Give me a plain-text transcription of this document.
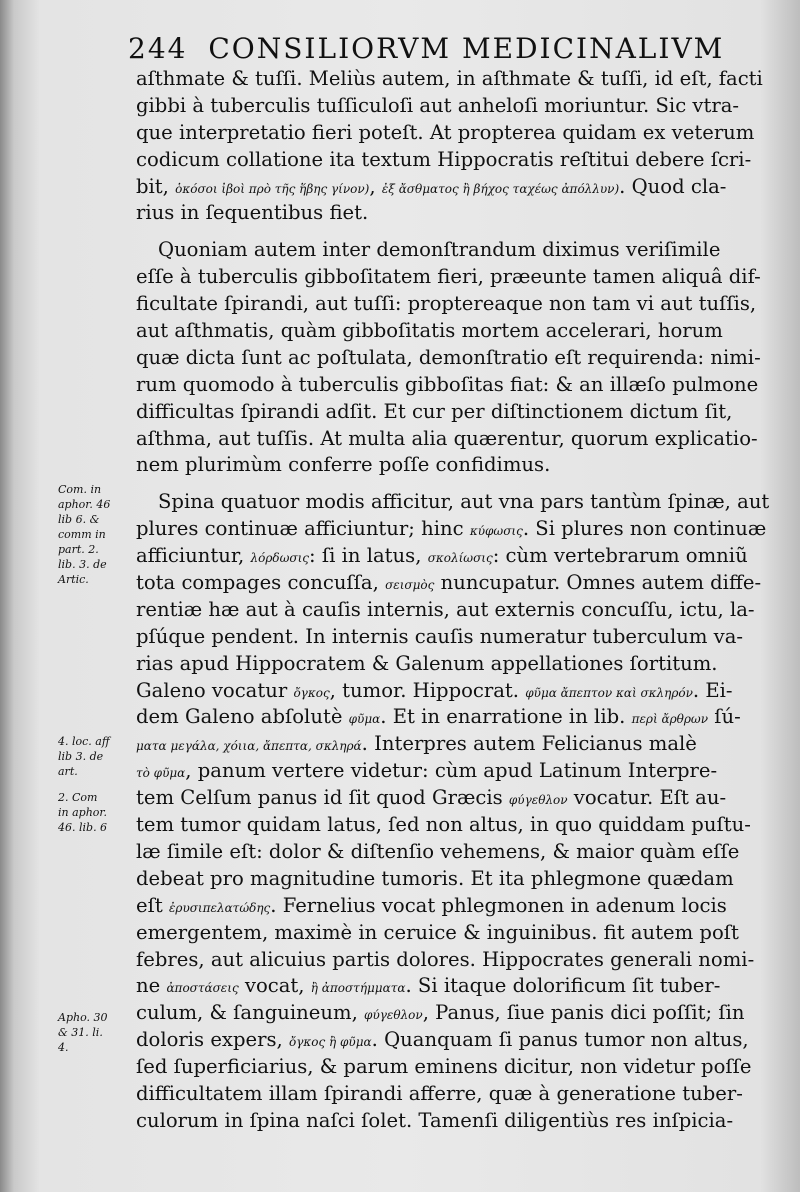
244 CONSILIORVM MEDICINALIVM
aſthmate & tuſſi. Meliùs autem, in aſthmate & tuſſi, id eſt, facti
gibbi à tuberculis tuſſiculoſi aut anheloſi moriuntur. Sic vtra-
que interpretatio fieri poteſt. At propterea quidam ex veterum
codicum collatione ita textum Hippocratis reſtitui debere ſcri-
bit, ὁκόσοι ἰβοὶ πρὸ τῆς ἥβης γίνον), ἐξ ἄσθματος ἢ βήχος ταχέως ἀπόλλυν). Quod cla-
rius in ſequentibus fiet.
Quoniam autem inter demonſtrandum diximus veriſimile
eſſe à tuberculis gibboſitatem fieri, præeunte tamen aliquâ dif-
ficultate ſpirandi, aut tuſſi: proptereaque non tam vi aut tuſſis,
aut aſthmatis, quàm gibboſitatis mortem accelerari, horum
quæ dicta ſunt ac poſtulata, demonſtratio eſt requirenda: nimi-
rum quomodo à tuberculis gibboſitas fiat: & an illæſo pulmone
difficultas ſpirandi adſit. Et cur per diſtinctionem dictum ſit,
aſthma, aut tuſſis. At multa alia quærentur, quorum explicatio-
nem plurimùm conferre poſſe confidimus.
Spina quatuor modis afficitur, aut vna pars tantùm ſpinæ, aut
plures continuæ afficiuntur; hinc κύφωσις. Si plures non continuæ
afficiuntur, λόρδωσις: ſi in latus, σκολίωσις: cùm vertebrarum omniũ
tota compages concuſſa, σεισμὸς nuncupatur. Omnes autem diffe-
rentiæ hæ aut à cauſis internis, aut externis concuſſu, ictu, la-
pſúque pendent. In internis cauſis numeratur tuberculum va-
rias apud Hippocratem & Galenum appellationes ſortitum.
Galeno vocatur ὄγκος, tumor. Hippocrat. φῦμα ἄπεπτον καὶ σκληρόν. Ei-
dem Galeno abſolutè φῦμα. Et in enarratione in lib. περὶ ἄρθρων ſú-
ματα μεγάλα, χόιια, ἄπεπτα, σκληρά. Interpres autem Felicianus malè
τὸ φῦμα, panum vertere videtur: cùm apud Latinum Interpre-
tem Celſum panus id ſit quod Græcis φύγεθλον vocatur. Eſt au-
tem tumor quidam latus, ſed non altus, in quo quiddam puſtu-
læ ſimile eſt: dolor & diſtenſio vehemens, & maior quàm eſſe
debeat pro magnitudine tumoris. Et ita phlegmone quædam
eſt ἐρυσιπελατώδης. Fernelius vocat phlegmonen in adenum locis
emergentem, maximè in ceruice & inguinibus. fit autem poſt
febres, aut alicuius partis dolores. Hippocrates generali nomi-
ne ἀποστάσεις vocat, ἢ ἀποστήμματα. Si itaque dolorificum ſit tuber-
culum, & ſanguineum, φύγεθλον, Panus, ſiue panis dici poſſit; ſin
doloris expers, ὄγκος ἢ φῦμα. Quanquam ſi panus tumor non altus,
ſed ſuperficiarius, & parum eminens dicitur, non videtur poſſe
difficultatem illam ſpirandi afferre, quæ à generatione tuber-
culorum in ſpina naſci ſolet. Tamenſi diligentiùs res inſpicia-
Com. in
aphor. 46
lib 6. &
comm in
part. 2.
lib. 3. de
Artic.
4. loc. aff
lib 3. de
art.
2. Com
in aphor.
46. lib. 6
Apho. 30
& 31. li.
4.
